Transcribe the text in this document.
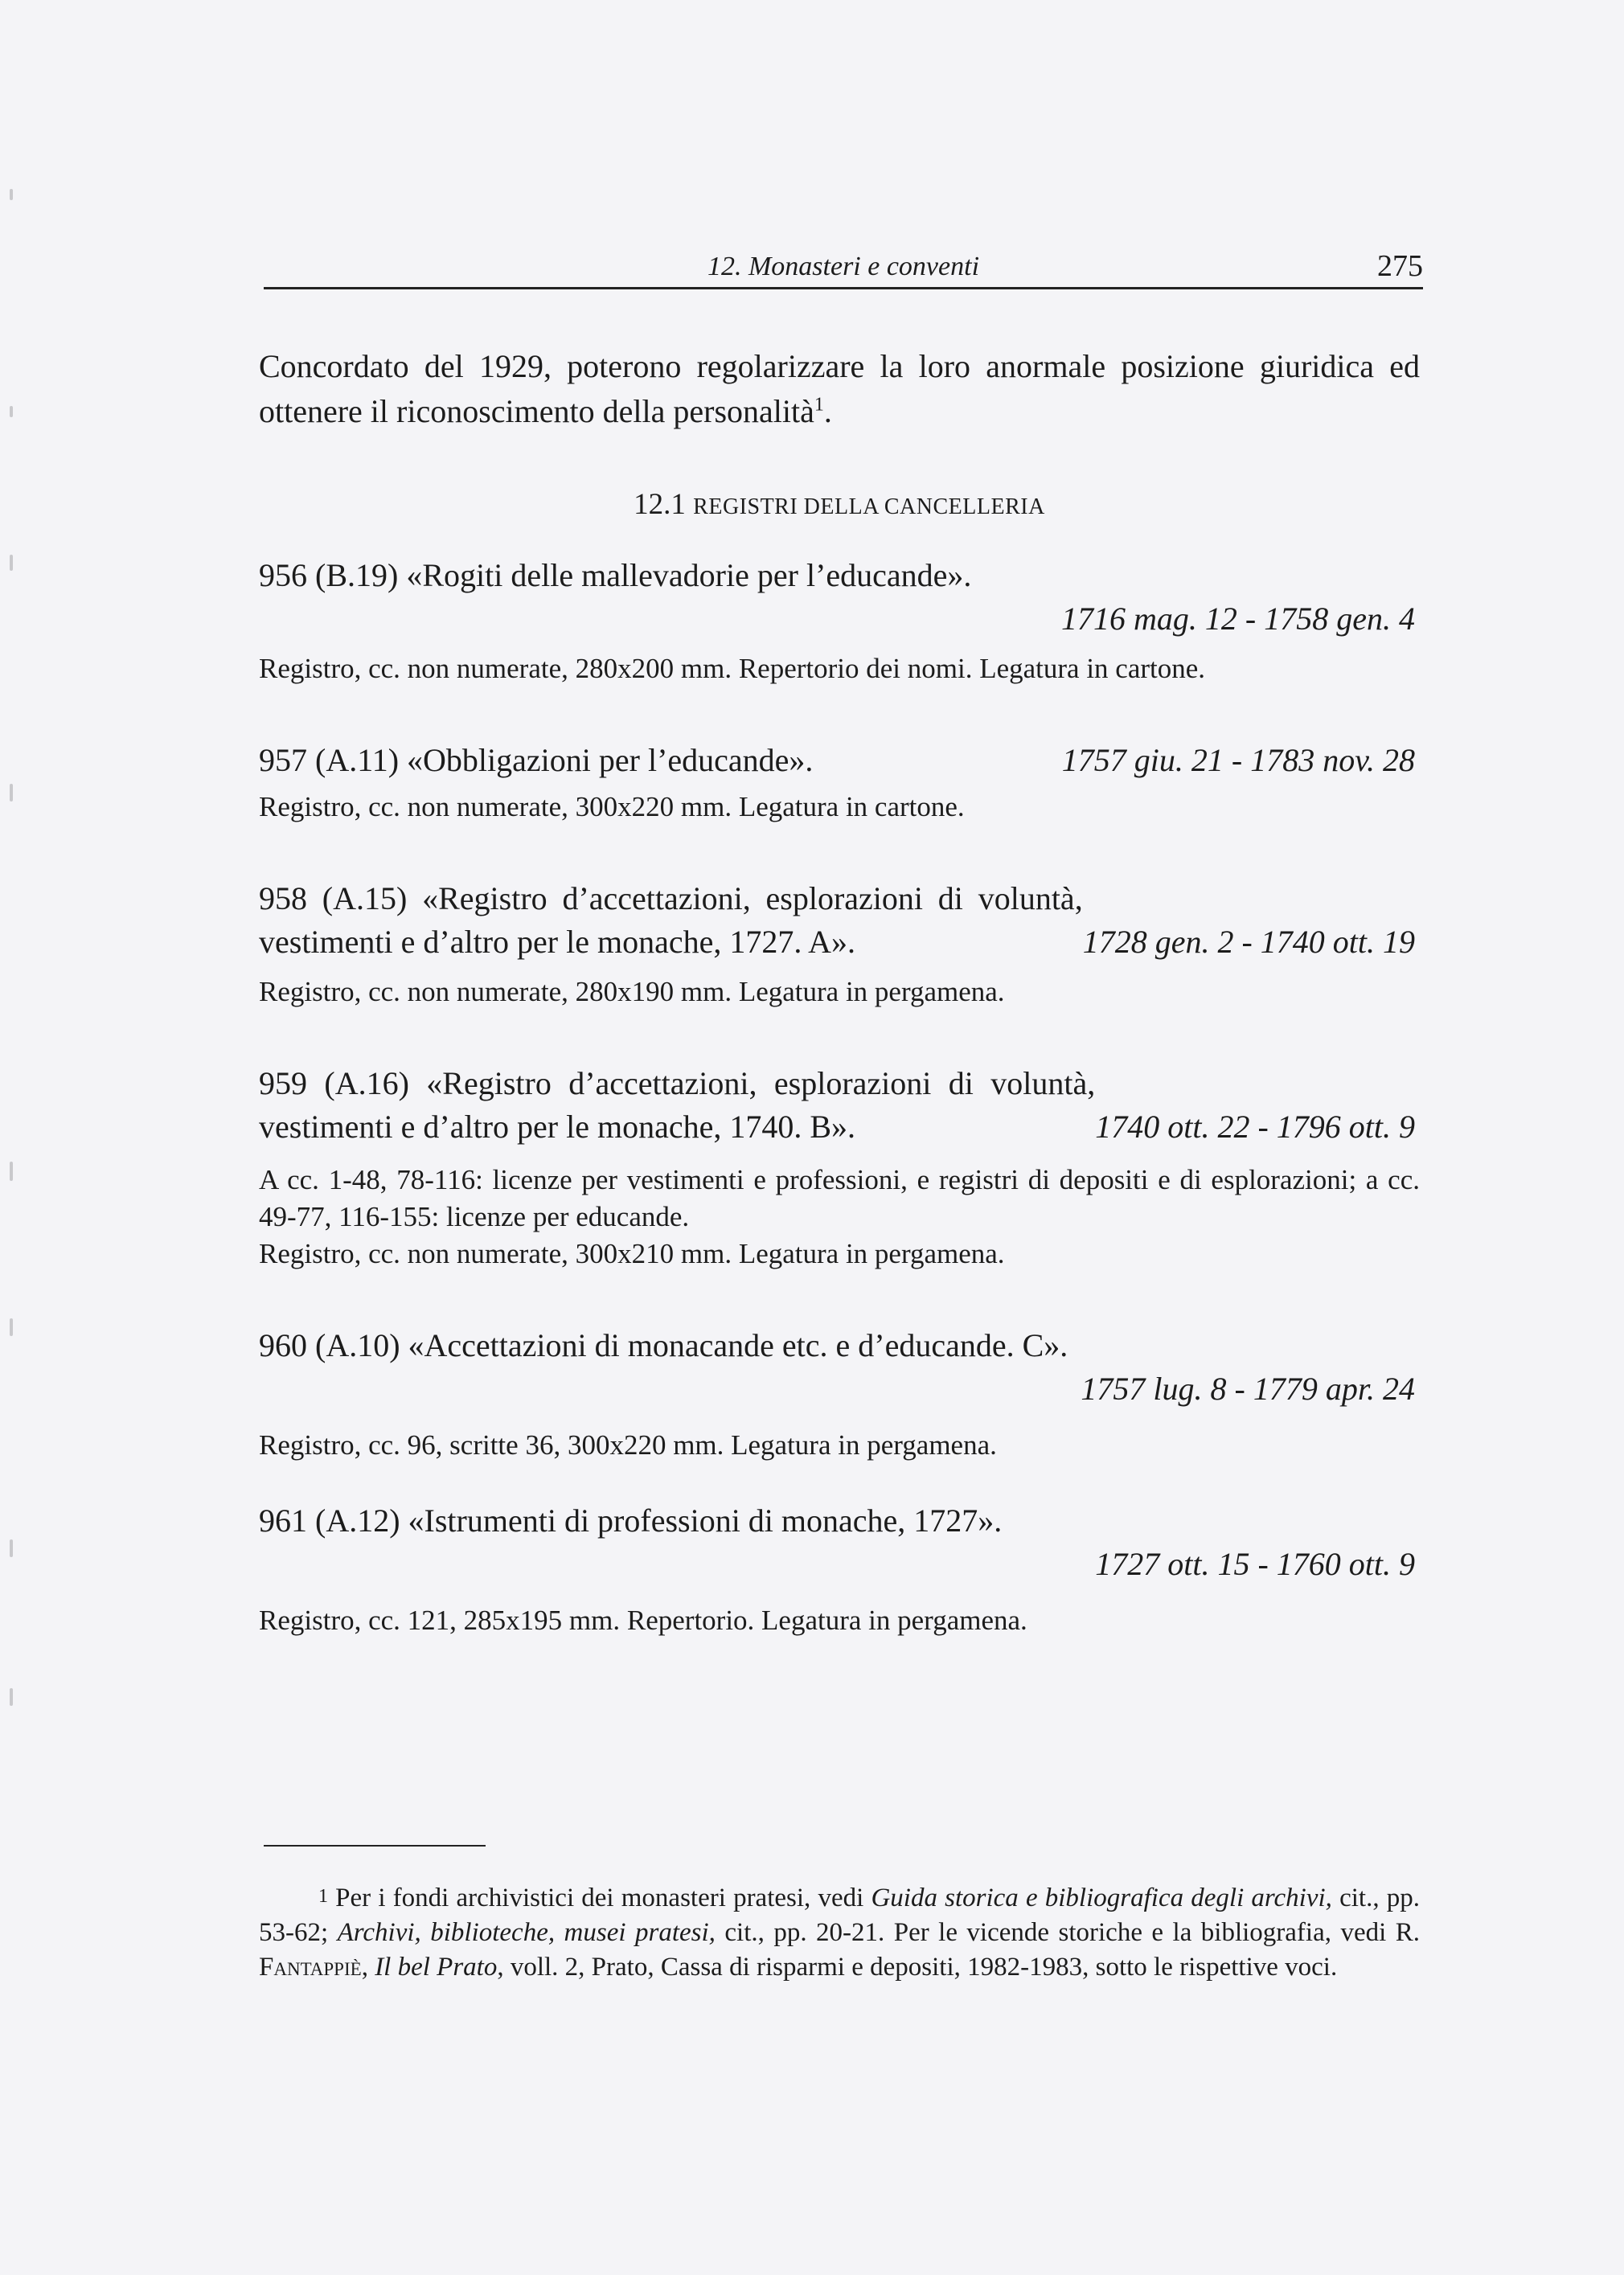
12. Monasteri e conventi	275

Concordato del 1929, poterono regolarizzare la loro anormale posizione giuridica ed ottenere il riconoscimento della personalità$^1$.

12.1 REGISTRI DELLA CANCELLERIA

956 (B.19) «Rogiti delle mallevadorie per l’educande».

1716 mag. 12 - 1758 gen. 4

Registro, cc. non numerate, 280x200 mm. Repertorio dei nomi. Legatura in cartone.

1757 giu. 21 - 1783 nov. 28
957 (A.11) «Obbligazioni per l’educande».

Registro, cc. non numerate, 300x220 mm. Legatura in cartone.

1728 gen. 2 - 1740 ott. 19
958 (A.15) «Registro d’accettazioni, esplorazioni di voluntà, vestimenti e d’altro per le monache, 1727. A».

Registro, cc. non numerate, 280x190 mm. Legatura in pergamena.

1740 ott. 22 - 1796 ott. 9
959 (A.16) «Registro d’accettazioni, esplorazioni di voluntà, vestimenti e d’altro per le monache, 1740. B».

A cc. 1-48, 78-116: licenze per vestimenti e professioni, e registri di depositi e di esplorazioni; a cc. 49-77, 116-155: licenze per educande.

Registro, cc. non numerate, 300x210 mm. Legatura in pergamena.

960 (A.10) «Accettazioni di monacande etc. e d’educande. C».

1757 lug. 8 - 1779 apr. 24

Registro, cc. 96, scritte 36, 300x220 mm. Legatura in pergamena.

961 (A.12) «Istrumenti di professioni di monache, 1727».

1727 ott. 15 - 1760 ott. 9

Registro, cc. 121, 285x195 mm. Repertorio. Legatura in pergamena.

$^1$ Per i fondi archivistici dei monasteri pratesi, vedi Guida storica e bibliografica degli archivi, cit., pp. 53-62; Archivi, biblioteche, musei pratesi, cit., pp. 20-21. Per le vicende storiche e la bibliografia, vedi R. Fantappiè, Il bel Prato, voll. 2, Prato, Cassa di risparmi e depositi, 1982-1983, sotto le rispettive voci.
